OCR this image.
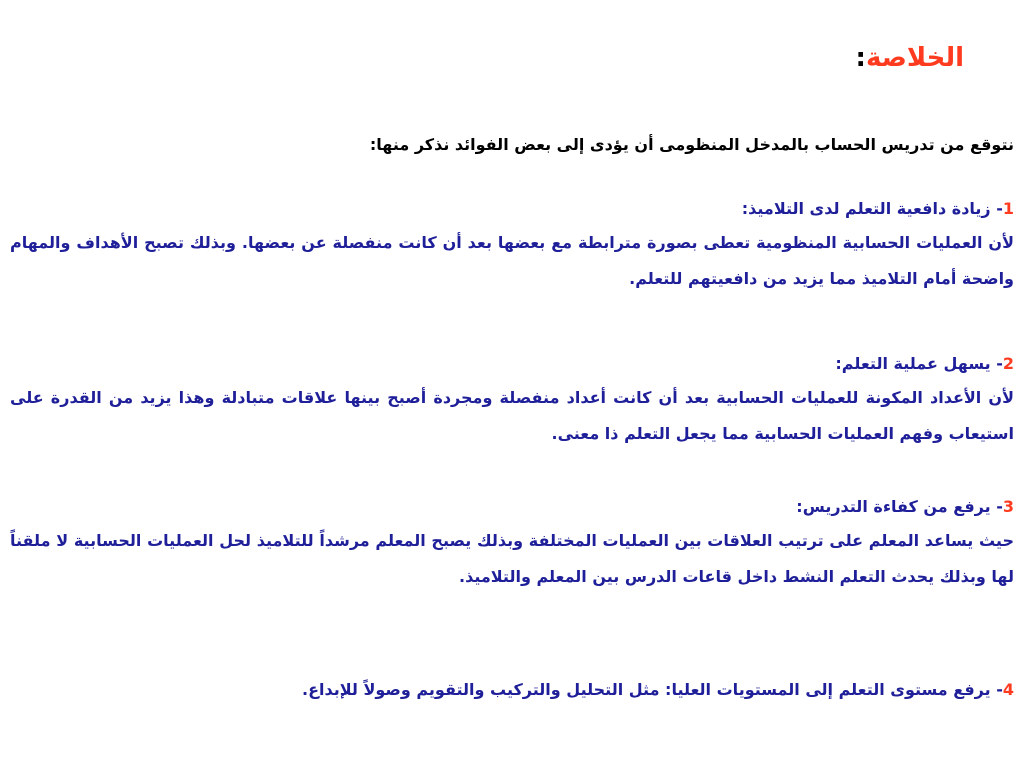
الخلاصة:
نتوقع من تدريس الحساب بالمدخل المنظومى أن يؤدى إلى بعض الفوائد نذكر منها:
1- زيادة دافعية التعلم لدى التلاميذ:
لأن العمليات الحسابية المنظومية تعطى بصورة مترابطة مع بعضها بعد أن كانت منفصلة عن بعضها. وبذلك تصبح الأهداف والمهام واضحة أمام التلاميذ مما يزيد من دافعيتهم للتعلم.
2- يسهل عملية التعلم:
لأن الأعداد المكونة للعمليات الحسابية بعد أن كانت أعداد منفصلة ومجردة أصبح بينها علاقات متبادلة وهذا يزيد من القدرة على استيعاب وفهم العمليات الحسابية مما يجعل التعلم ذا معنى.
3- يرفع من كفاءة التدريس:
حيث يساعد المعلم على ترتيب العلاقات بين العمليات المختلفة وبذلك يصبح المعلم مرشداً للتلاميذ لحل العمليات الحسابية لا ملقناً لها وبذلك يحدث التعلم النشط داخل قاعات الدرس بين المعلم والتلاميذ.
4- يرفع مستوى التعلم إلى المستويات العليا: مثل التحليل والتركيب والتقويم وصولاً للإبداع.
